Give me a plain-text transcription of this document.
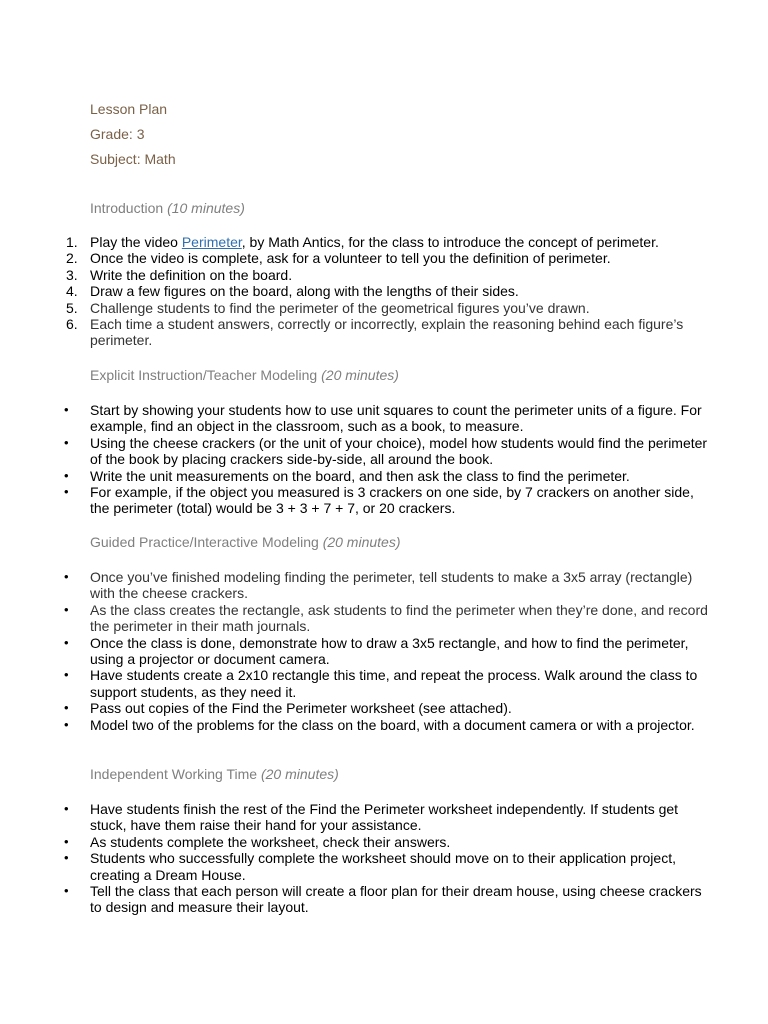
Lesson Plan
Grade: 3
Subject: Math
Introduction (10 minutes)
1. Play the video Perimeter, by Math Antics, for the class to introduce the concept of perimeter.
2. Once the video is complete, ask for a volunteer to tell you the definition of perimeter.
3. Write the definition on the board.
4. Draw a few figures on the board, along with the lengths of their sides.
5. Challenge students to find the perimeter of the geometrical figures you’ve drawn.
6. Each time a student answers, correctly or incorrectly, explain the reasoning behind each figure’s perimeter.
Explicit Instruction/Teacher Modeling (20 minutes)
•	Start by showing your students how to use unit squares to count the perimeter units of a figure. For example, find an object in the classroom, such as a book, to measure.
•	Using the cheese crackers (or the unit of your choice), model how students would find the perimeter of the book by placing crackers side-by-side, all around the book.
•	Write the unit measurements on the board, and then ask the class to find the perimeter.
•	For example, if the object you measured is 3 crackers on one side, by 7 crackers on another side, the perimeter (total) would be 3 + 3 + 7 + 7, or 20 crackers.
Guided Practice/Interactive Modeling (20 minutes)
•	Once you’ve finished modeling finding the perimeter, tell students to make a 3x5 array (rectangle) with the cheese crackers.
•	As the class creates the rectangle, ask students to find the perimeter when they’re done, and record the perimeter in their math journals.
•	Once the class is done, demonstrate how to draw a 3x5 rectangle, and how to find the perimeter, using a projector or document camera.
•	Have students create a 2x10 rectangle this time, and repeat the process. Walk around the class to support students, as they need it.
•	Pass out copies of the Find the Perimeter worksheet (see attached).
•	Model two of the problems for the class on the board, with a document camera or with a projector.
Independent Working Time (20 minutes)
•	Have students finish the rest of the Find the Perimeter worksheet independently. If students get stuck, have them raise their hand for your assistance.
•	As students complete the worksheet, check their answers.
•	Students who successfully complete the worksheet should move on to their application project, creating a Dream House.
•	Tell the class that each person will create a floor plan for their dream house, using cheese crackers to design and measure their layout.
